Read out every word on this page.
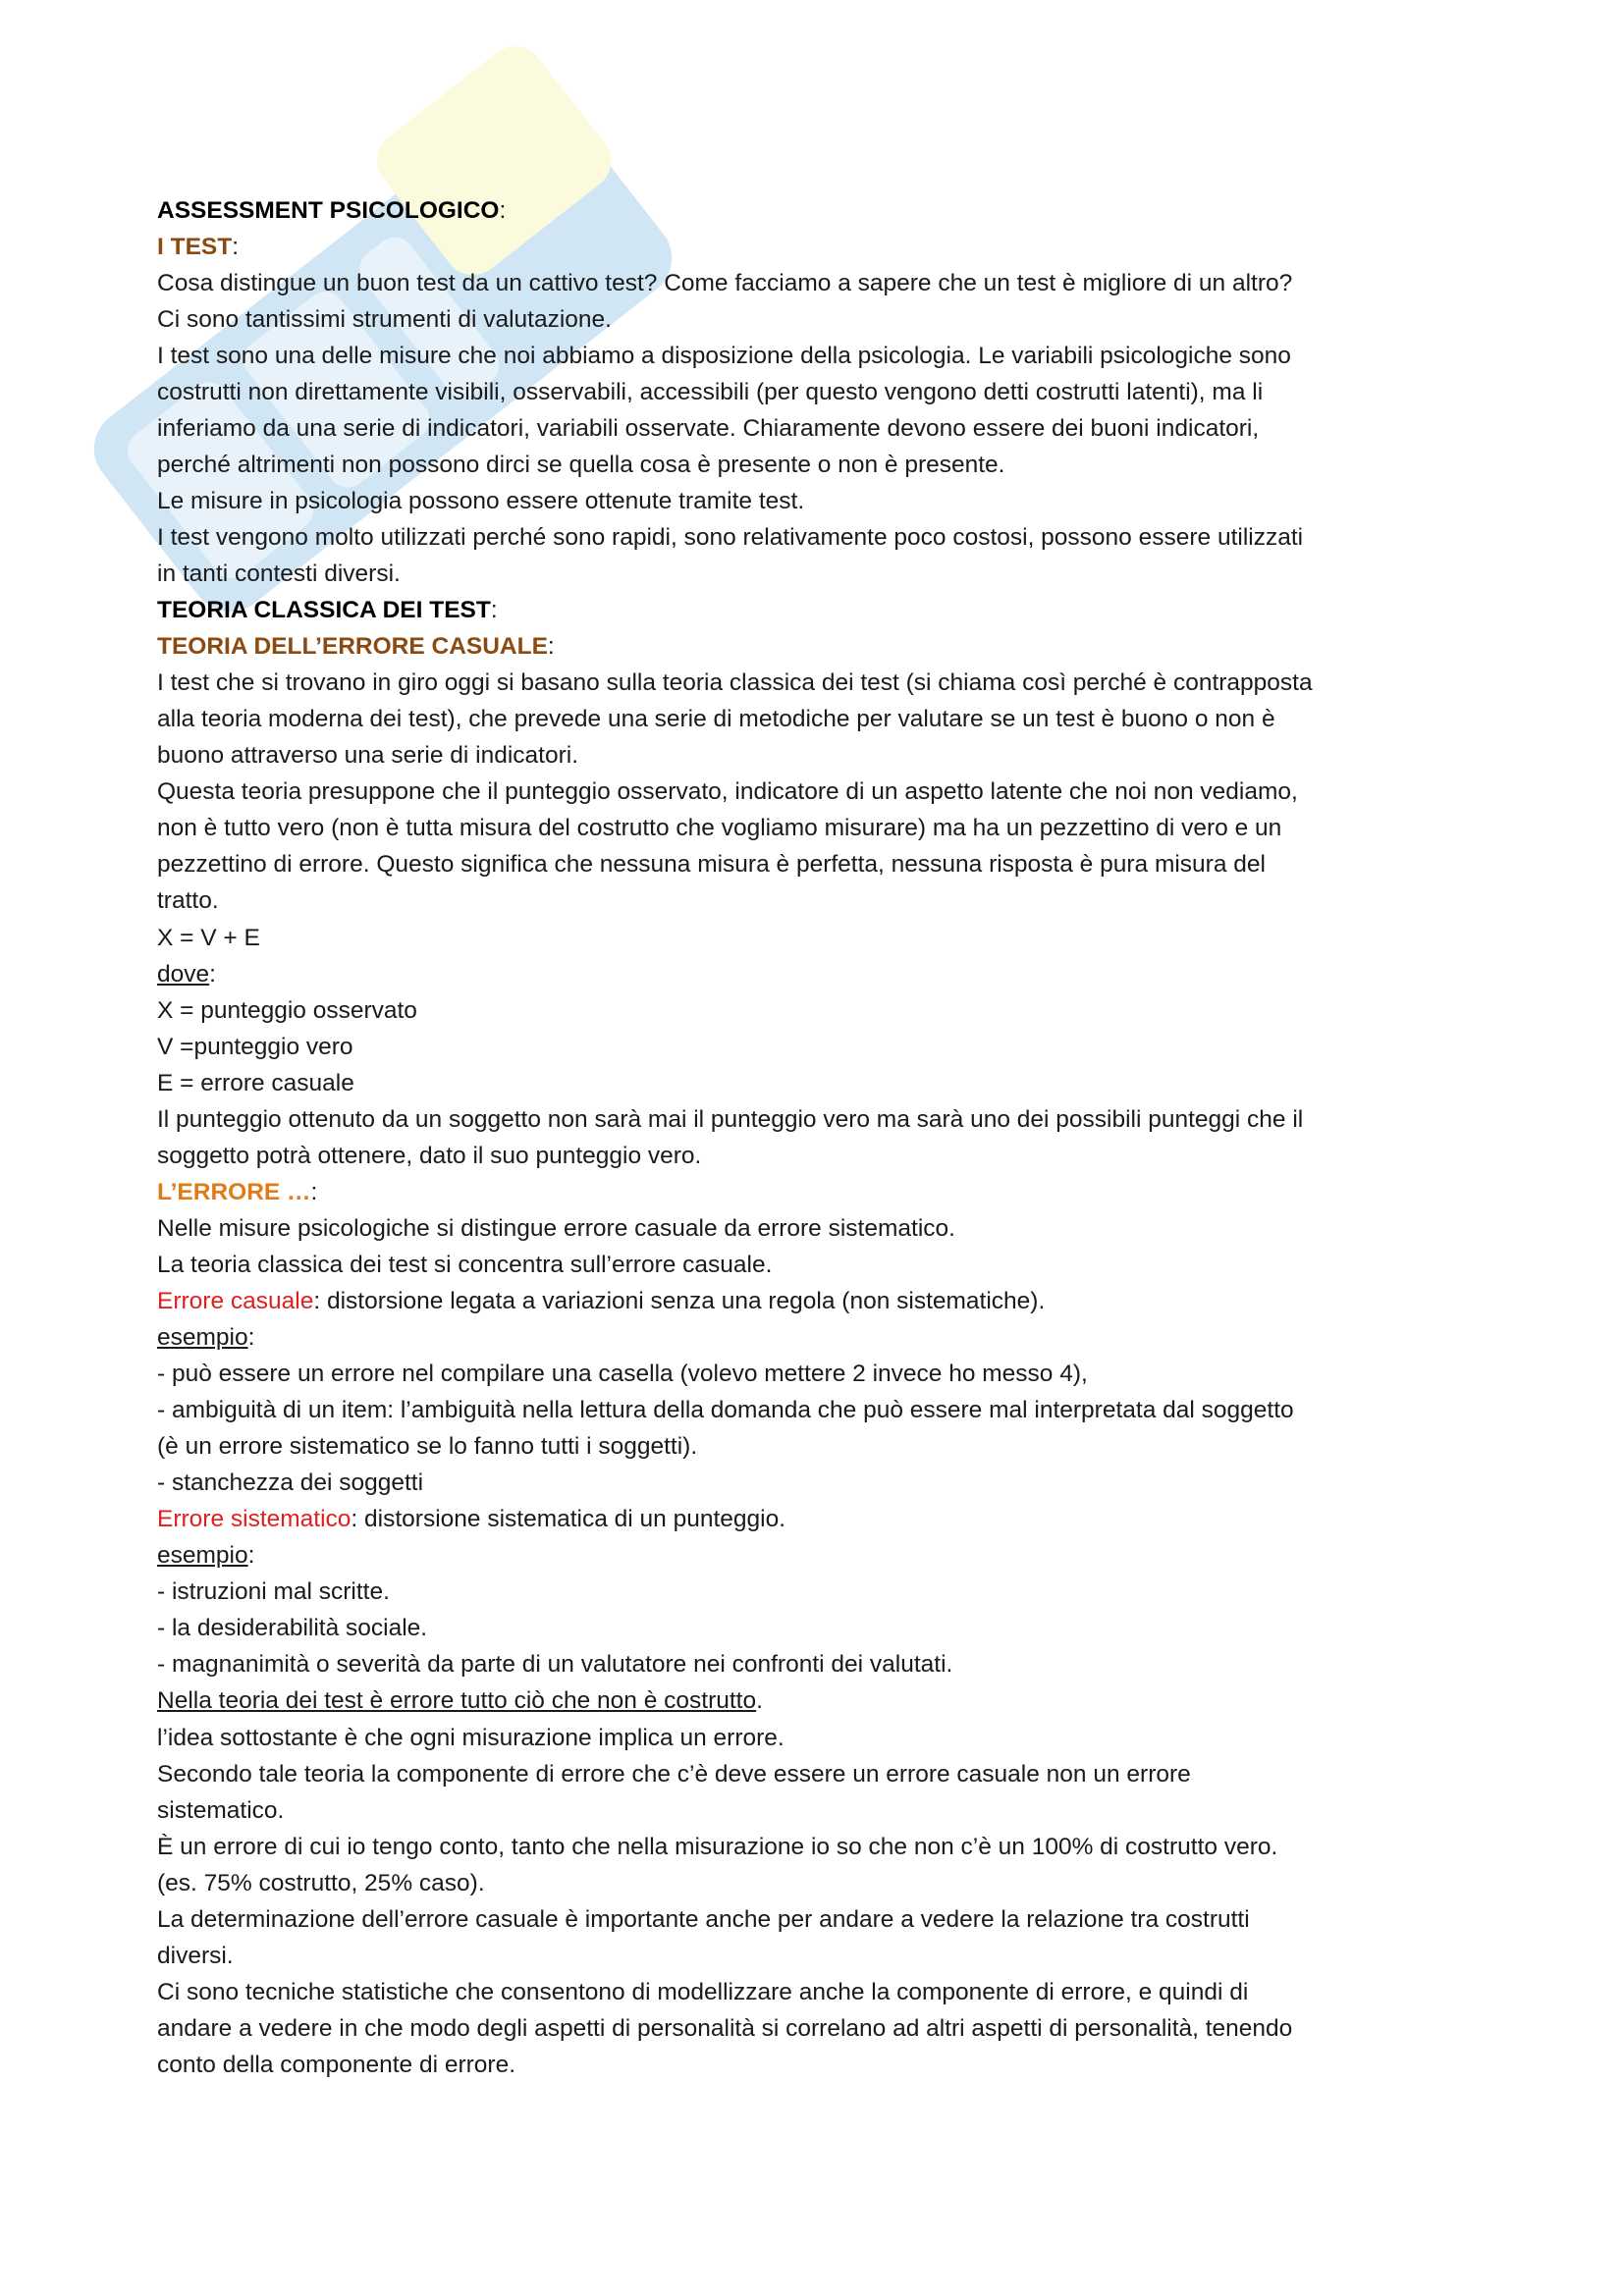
ASSESSMENT PSICOLOGICO:

I TEST:

Cosa distingue un buon test da un cattivo test? Come facciamo a sapere che un test è migliore di un altro?

Ci sono tantissimi strumenti di valutazione.

I test sono una delle misure che noi abbiamo a disposizione della psicologia. Le variabili psicologiche sono

costrutti non direttamente visibili, osservabili, accessibili (per questo vengono detti costrutti latenti), ma li

inferiamo da una serie di indicatori, variabili osservate. Chiaramente devono essere dei buoni indicatori,

perché altrimenti non possono dirci se quella cosa è presente o non è presente.

Le misure in psicologia possono essere ottenute tramite test.

I test vengono molto utilizzati perché sono rapidi, sono relativamente poco costosi, possono essere utilizzati

in tanti contesti diversi.

TEORIA CLASSICA DEI TEST:

TEORIA DELL’ERRORE CASUALE:

I test che si trovano in giro oggi si basano sulla teoria classica dei test (si chiama così perché è contrapposta

alla teoria moderna dei test), che prevede una serie di metodiche per valutare se un test è buono o non è

buono attraverso una serie di indicatori.

Questa teoria presuppone che il punteggio osservato, indicatore di un aspetto latente che noi non vediamo,

non è tutto vero (non è tutta misura del costrutto che vogliamo misurare) ma ha un pezzettino di vero e un

pezzettino di errore. Questo significa che nessuna misura è perfetta, nessuna risposta è pura misura del

tratto.

X = V + E

dove:

X = punteggio osservato

V =punteggio vero

E = errore casuale

Il punteggio ottenuto da un soggetto non sarà mai il punteggio vero ma sarà uno dei possibili punteggi che il

soggetto potrà ottenere, dato il suo punteggio vero.

L’ERRORE …:

Nelle misure psicologiche si distingue errore casuale da errore sistematico.

La teoria classica dei test si concentra sull’errore casuale.

Errore casuale: distorsione legata a variazioni senza una regola (non sistematiche).

esempio:

- può essere un errore nel compilare una casella (volevo mettere 2 invece ho messo 4),

- ambiguità di un item: l’ambiguità nella lettura della domanda che può essere mal interpretata dal soggetto

(è un errore sistematico se lo fanno tutti i soggetti).

- stanchezza dei soggetti

Errore sistematico: distorsione sistematica di un punteggio.

esempio:

- istruzioni mal scritte.

- la desiderabilità sociale.

- magnanimità o severità da parte di un valutatore nei confronti dei valutati.

Nella teoria dei test è errore tutto ciò che non è costrutto.

l’idea sottostante è che ogni misurazione implica un errore.

Secondo tale teoria la componente di errore che c’è deve essere un errore casuale non un errore

sistematico.

È un errore di cui io tengo conto, tanto che nella misurazione io so che non c’è un 100% di costrutto vero.

(es. 75% costrutto, 25% caso).

La determinazione dell’errore casuale è importante anche per andare a vedere la relazione tra costrutti

diversi.

Ci sono tecniche statistiche che consentono di modellizzare anche la componente di errore, e quindi di

andare a vedere in che modo degli aspetti di personalità si correlano ad altri aspetti di personalità, tenendo

conto della componente di errore.
